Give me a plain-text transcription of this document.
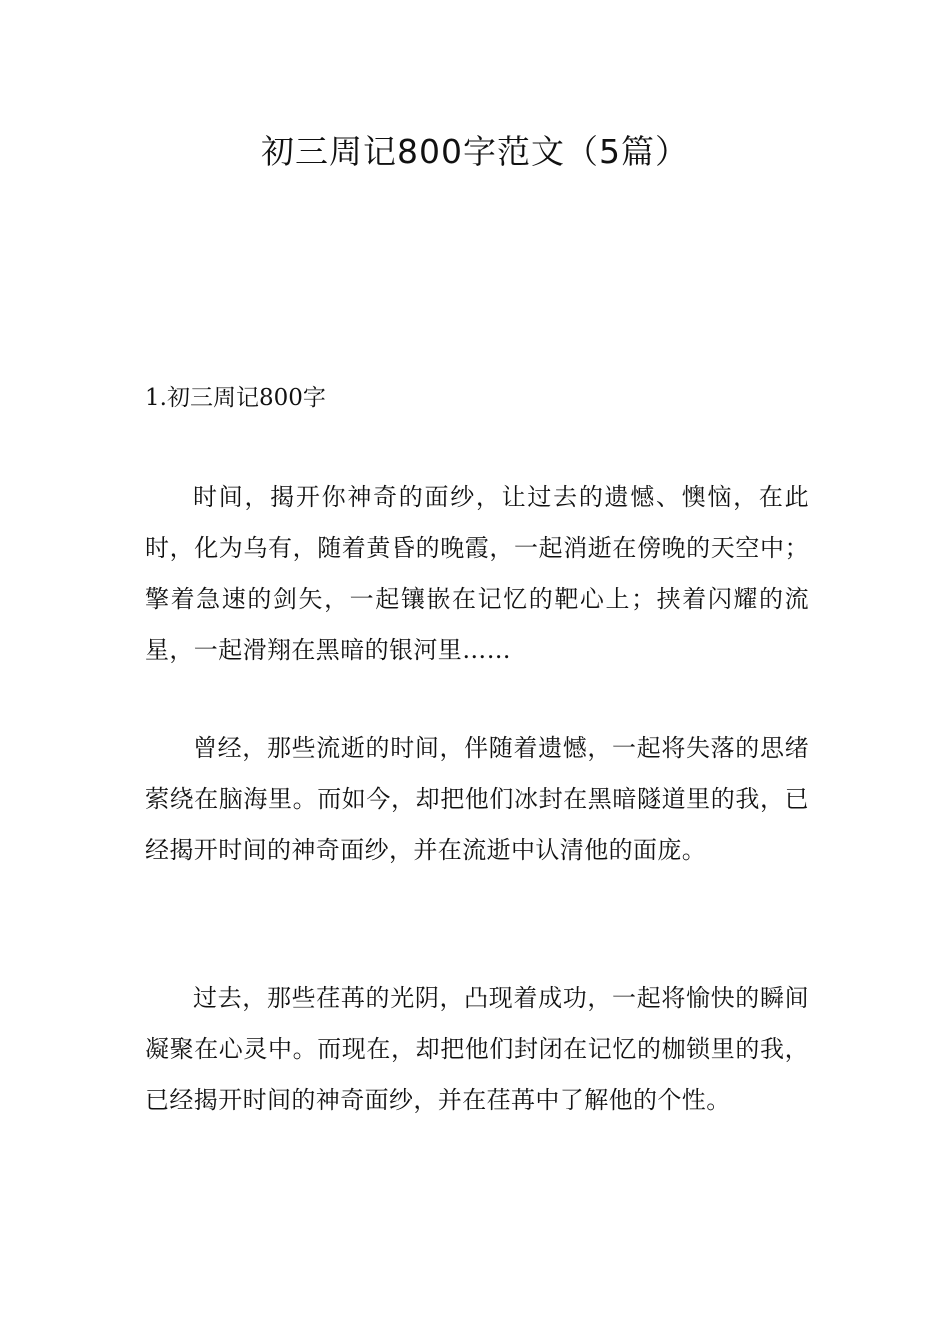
初三周记800字范文（5篇）
1.初三周记800字

时间，揭开你神奇的面纱，让过去的遗憾、懊恼，在此时，化为乌有，随着黄昏的晚霞，一起消逝在傍晚的天空中；擎着急速的剑矢，一起镶嵌在记忆的靶心上；挟着闪耀的流星，一起滑翔在黑暗的银河里……

曾经，那些流逝的时间，伴随着遗憾，一起将失落的思绪萦绕在脑海里。而如今，却把他们冰封在黑暗隧道里的我，已经揭开时间的神奇面纱，并在流逝中认清他的面庞。

过去，那些荏苒的光阴，凸现着成功，一起将愉快的瞬间凝聚在心灵中。而现在，却把他们封闭在记忆的枷锁里的我，已经揭开时间的神奇面纱，并在荏苒中了解他的个性。
